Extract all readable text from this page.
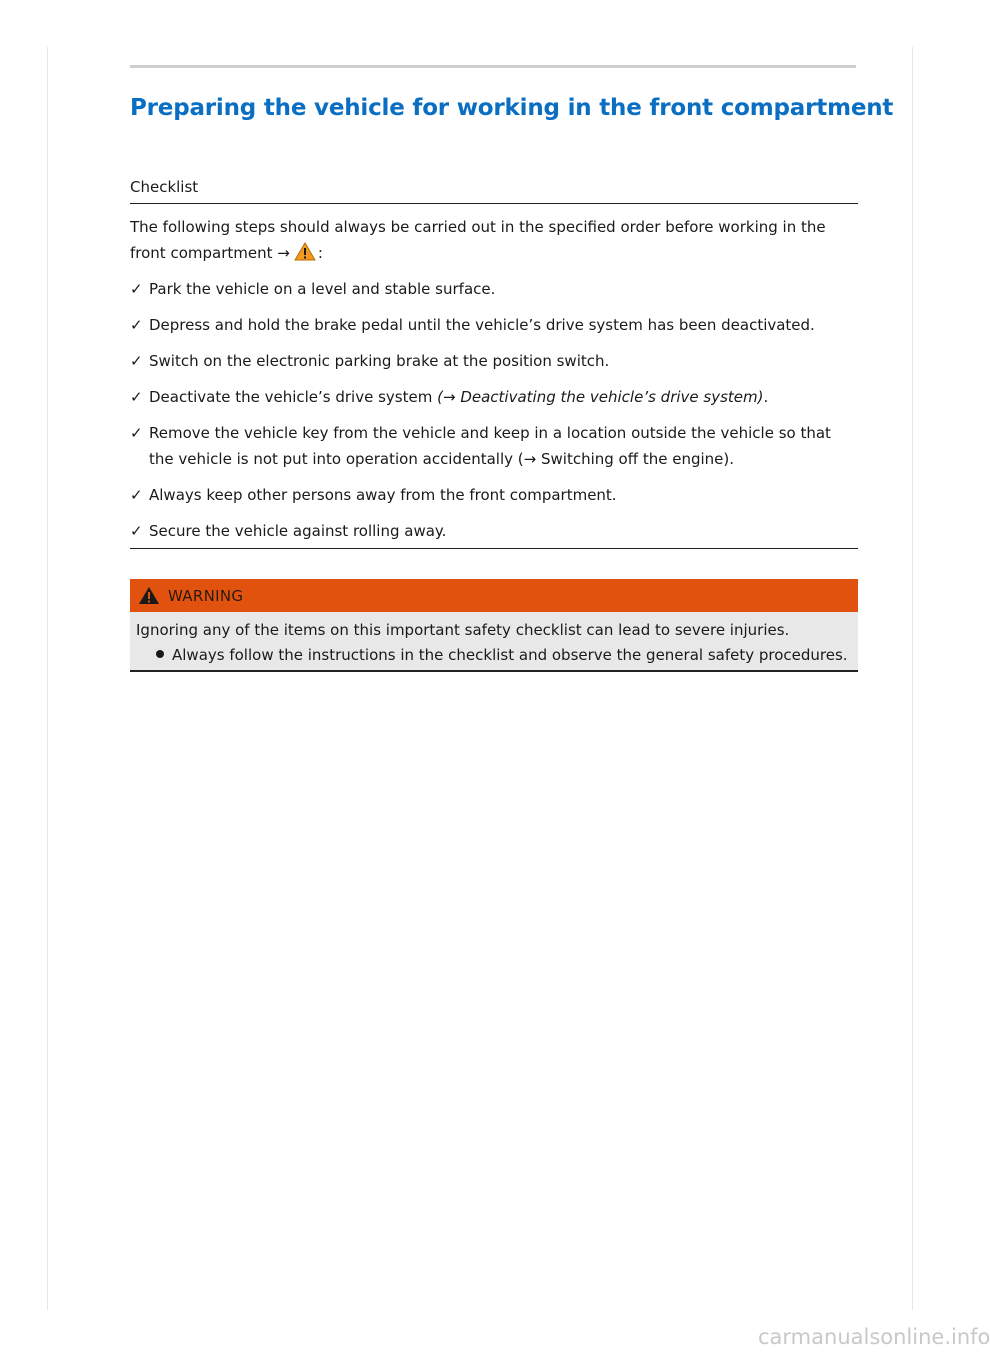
Preparing the vehicle for working in the front compartment
Checklist
The following steps should always be carried out in the specified order before working in the front compartment → :
✓ Park the vehicle on a level and stable surface.
✓ Depress and hold the brake pedal until the vehicle’s drive system has been deactivated.
✓ Switch on the electronic parking brake at the position switch.
✓ Deactivate the vehicle’s drive system (→ Deactivating the vehicle’s drive system).
✓ Remove the vehicle key from the vehicle and keep in a location outside the vehicle so that the vehicle is not put into operation accidentally (→ Switching off the engine).
✓ Always keep other persons away from the front compartment.
✓ Secure the vehicle against rolling away.
WARNING
Ignoring any of the items on this important safety checklist can lead to severe injuries.
Always follow the instructions in the checklist and observe the general safety procedures.
carmanualsonline.info
